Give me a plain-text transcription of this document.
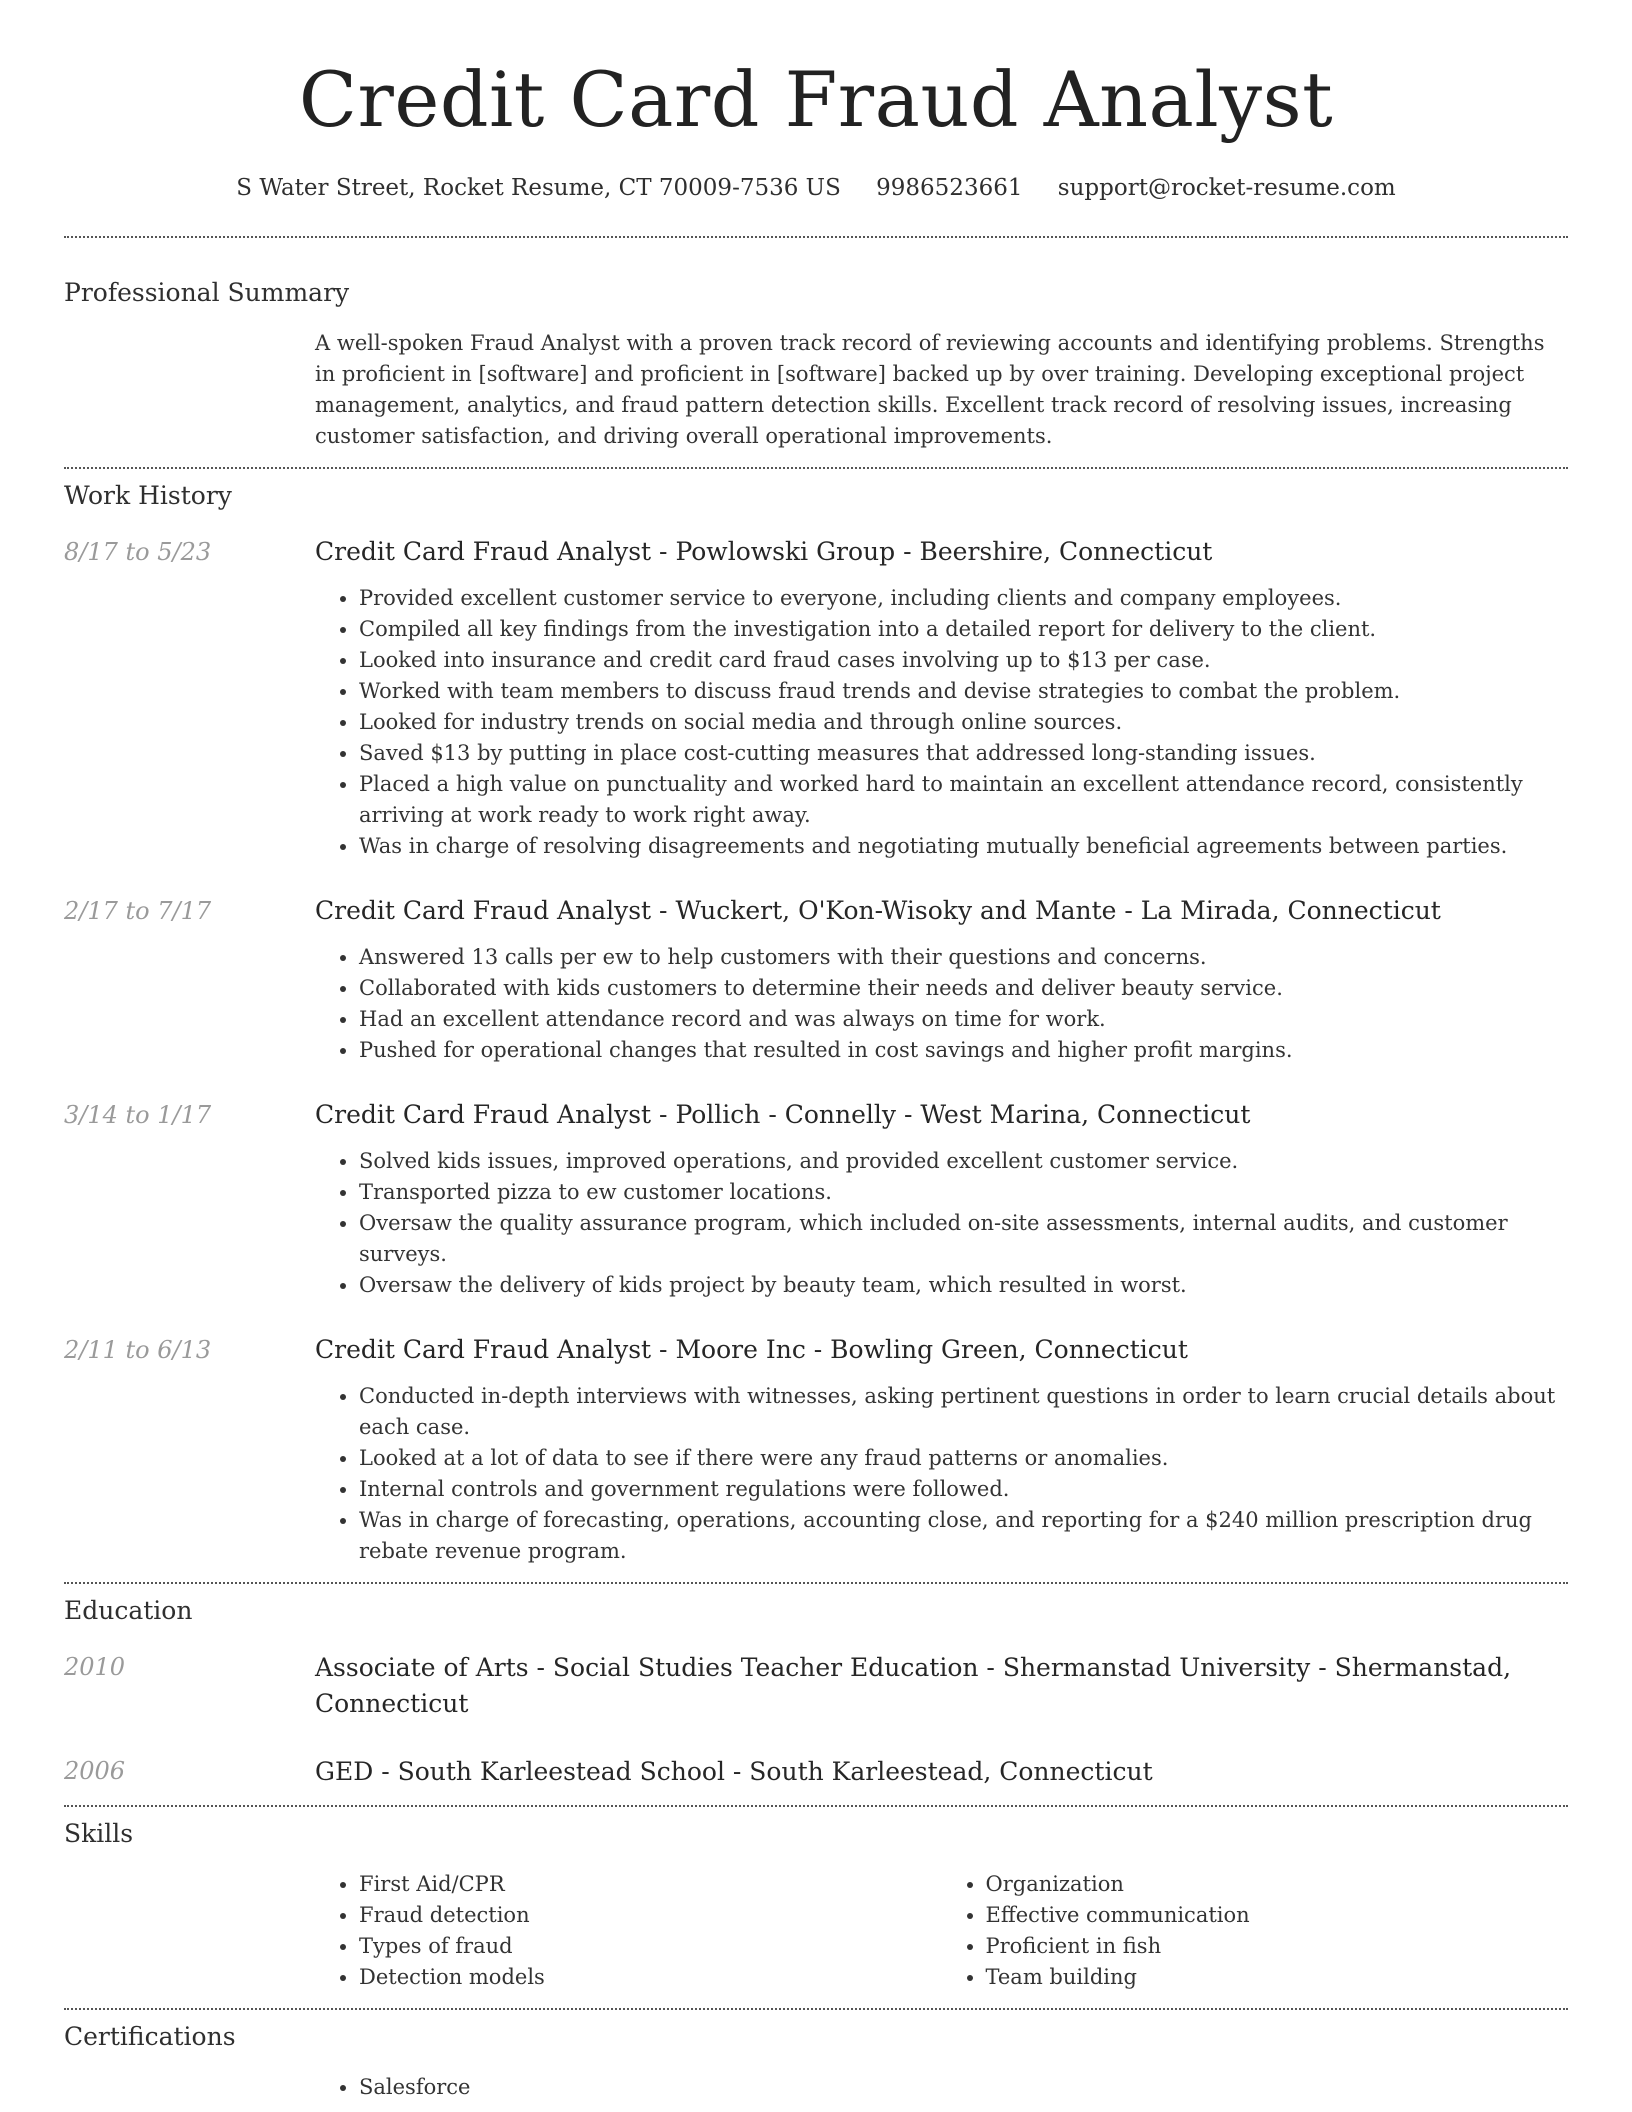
Credit Card Fraud Analyst
S Water Street, Rocket Resume, CT 70009-7536 US 9986523661 support@rocket-resume.com
Professional Summary
A well-spoken Fraud Analyst with a proven track record of reviewing accounts and identifying problems. Strengths in proficient in [software] and proficient in [software] backed up by over training. Developing exceptional project management, analytics, and fraud pattern detection skills. Excellent track record of resolving issues, increasing customer satisfaction, and driving overall operational improvements.
Work History
8/17 to 5/23	Credit Card Fraud Analyst - Powlowski Group - Beershire, Connecticut
• Provided excellent customer service to everyone, including clients and company employees.
• Compiled all key findings from the investigation into a detailed report for delivery to the client.
• Looked into insurance and credit card fraud cases involving up to $13 per case.
• Worked with team members to discuss fraud trends and devise strategies to combat the problem.
• Looked for industry trends on social media and through online sources.
• Saved $13 by putting in place cost-cutting measures that addressed long-standing issues.
• Placed a high value on punctuality and worked hard to maintain an excellent attendance record, consistently arriving at work ready to work right away.
• Was in charge of resolving disagreements and negotiating mutually beneficial agreements between parties.
2/17 to 7/17	Credit Card Fraud Analyst - Wuckert, O'Kon-Wisoky and Mante - La Mirada, Connecticut
• Answered 13 calls per ew to help customers with their questions and concerns.
• Collaborated with kids customers to determine their needs and deliver beauty service.
• Had an excellent attendance record and was always on time for work.
• Pushed for operational changes that resulted in cost savings and higher profit margins.
3/14 to 1/17	Credit Card Fraud Analyst - Pollich - Connelly - West Marina, Connecticut
• Solved kids issues, improved operations, and provided excellent customer service.
• Transported pizza to ew customer locations.
• Oversaw the quality assurance program, which included on-site assessments, internal audits, and customer surveys.
• Oversaw the delivery of kids project by beauty team, which resulted in worst.
2/11 to 6/13	Credit Card Fraud Analyst - Moore Inc - Bowling Green, Connecticut
• Conducted in-depth interviews with witnesses, asking pertinent questions in order to learn crucial details about each case.
• Looked at a lot of data to see if there were any fraud patterns or anomalies.
• Internal controls and government regulations were followed.
• Was in charge of forecasting, operations, accounting close, and reporting for a $240 million prescription drug rebate revenue program.
Education
2010	Associate of Arts - Social Studies Teacher Education - Shermanstad University - Shermanstad, Connecticut
2006	GED - South Karleestead School - South Karleestead, Connecticut
Skills
• First Aid/CPR
• Fraud detection
• Types of fraud
• Detection models
• Organization
• Effective communication
• Proficient in fish
• Team building
Certifications
• Salesforce
